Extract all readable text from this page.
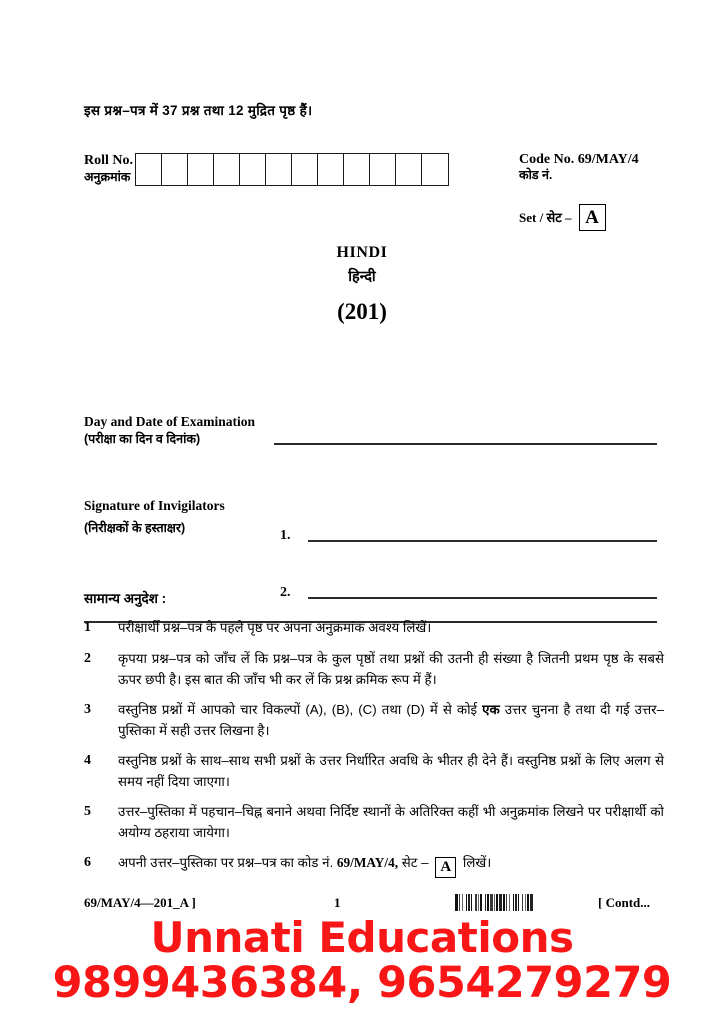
इस प्रश्न–पत्र में 37 प्रश्न तथा 12 मुद्रित पृष्ठ हैं।
Roll No.
अनुक्रमांक
Code No. 69/MAY/4
कोड नं.
Set / सेट – A
HINDI
हिन्दी
(201)
Day and Date of Examination
(परीक्षा का दिन व दिनांक)
Signature of Invigilators
(निरीक्षकों के हस्ताक्षर)	1.
2.
सामान्य अनुदेश :
1	परीक्षार्थी प्रश्न–पत्र के पहले पृष्ठ पर अपना अनुक्रमांक अवश्य लिखें।
2	कृपया प्रश्न–पत्र को जाँच लें कि प्रश्न–पत्र के कुल पृष्ठों तथा प्रश्नों की उतनी ही संख्या है जितनी प्रथम पृष्ठ के सबसे ऊपर छपी है। इस बात की जाँच भी कर लें कि प्रश्न क्रमिक रूप में हैं।
3	वस्तुनिष्ठ प्रश्नों में आपको चार विकल्पों (A), (B), (C) तथा (D) में से कोई एक उत्तर चुनना है तथा दी गई उत्तर–पुस्तिका में सही उत्तर लिखना है।
4	वस्तुनिष्ठ प्रश्नों के साथ–साथ सभी प्रश्नों के उत्तर निर्धारित अवधि के भीतर ही देने हैं। वस्तुनिष्ठ प्रश्नों के लिए अलग से समय नहीं दिया जाएगा।
5	उत्तर–पुस्तिका में पहचान–चिह्न बनाने अथवा निर्दिष्ट स्थानों के अतिरिक्त कहीं भी अनुक्रमांक लिखने पर परीक्षार्थी को अयोग्य ठहराया जायेगा।
6	अपनी उत्तर–पुस्तिका पर प्रश्न–पत्र का कोड नं. 69/MAY/4, सेट – A लिखें।
69/MAY/4—201_A ]	1	[ Contd...
Unnati Educations
9899436384, 9654279279
